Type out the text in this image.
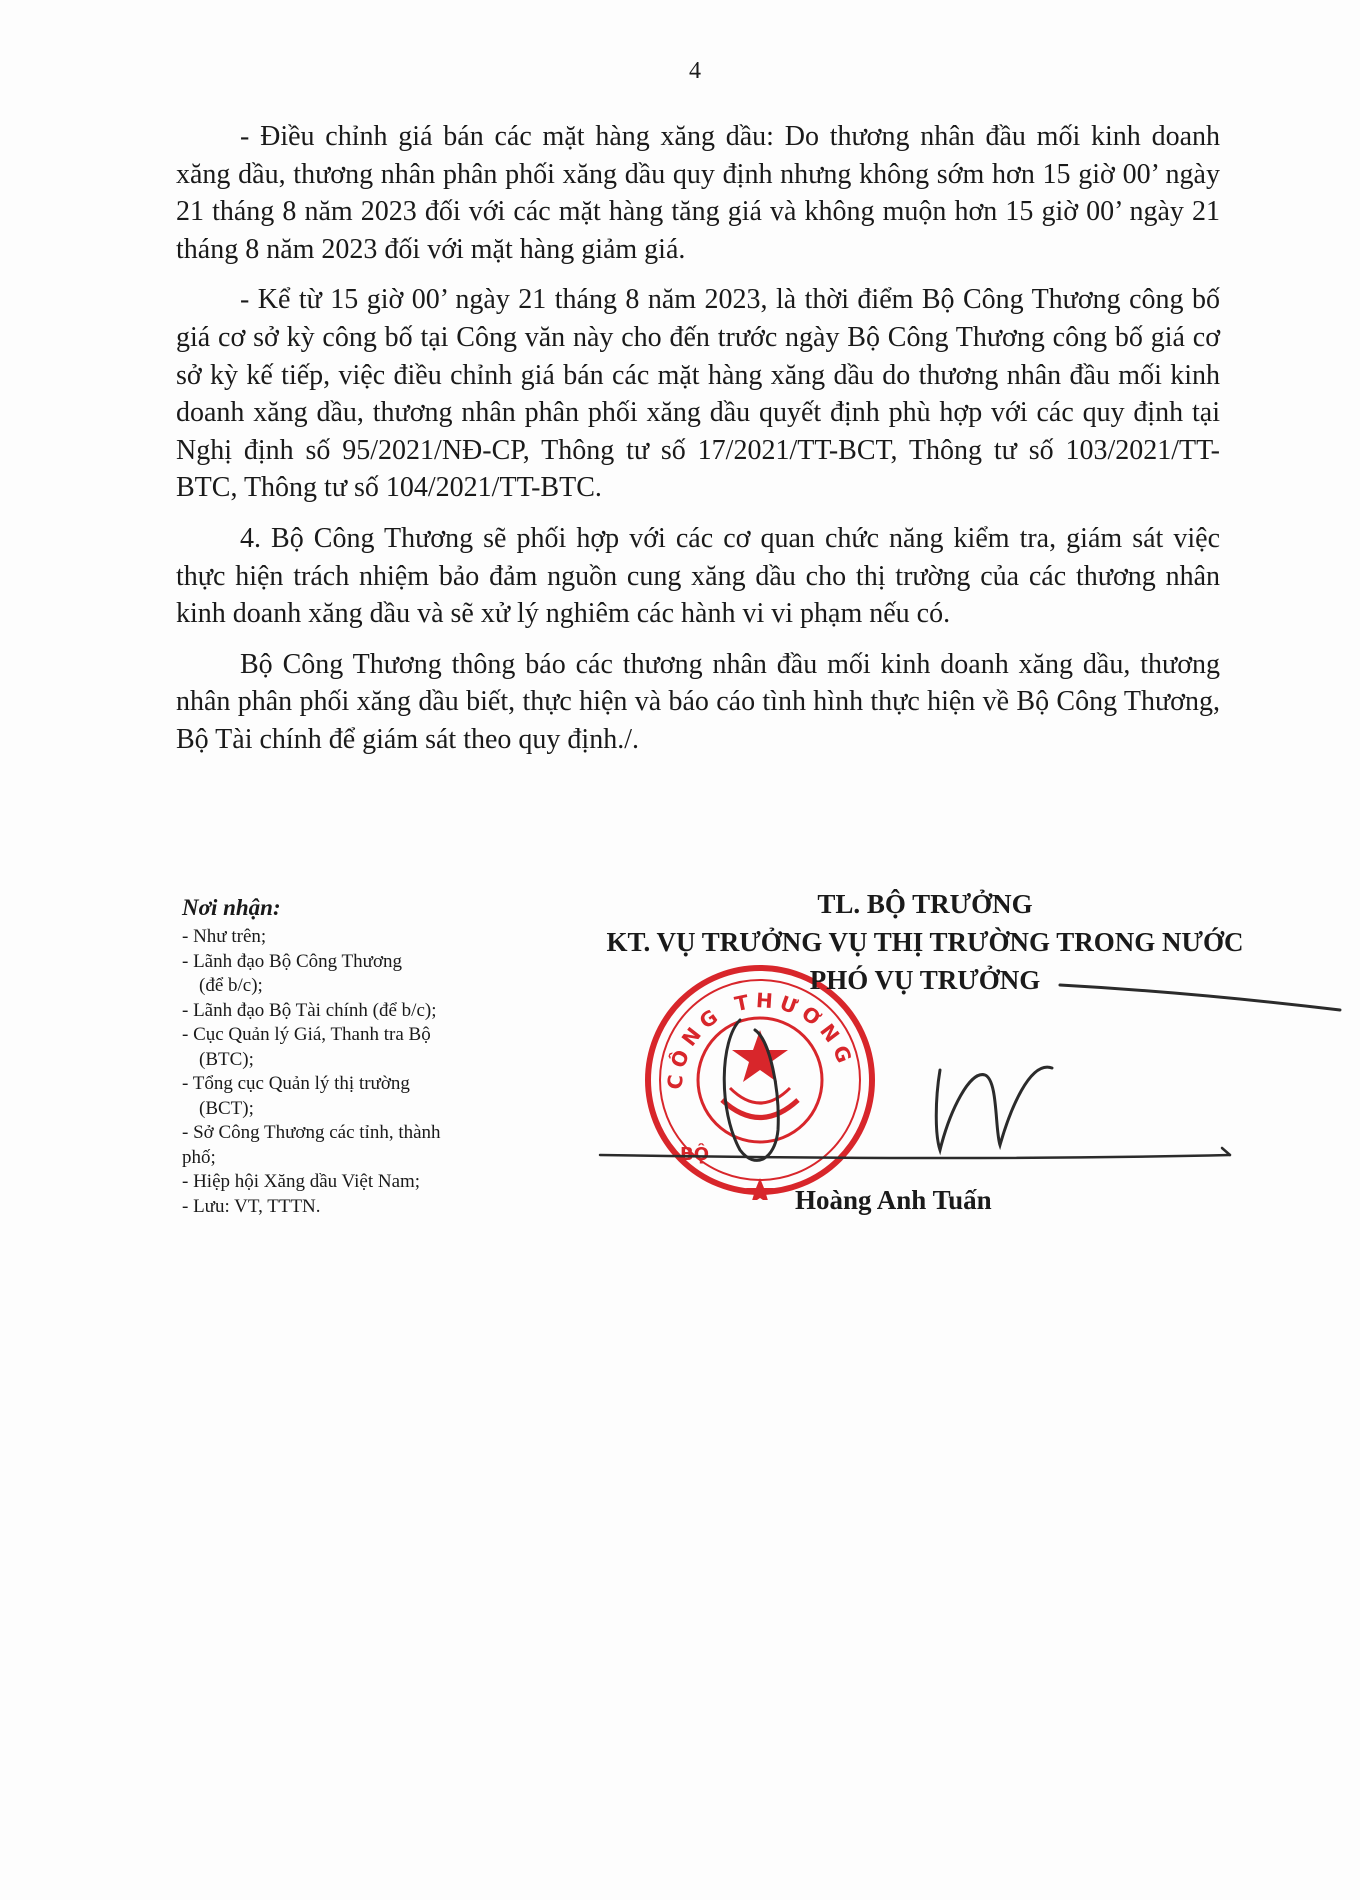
4

- Điều chỉnh giá bán các mặt hàng xăng dầu: Do thương nhân đầu mối kinh doanh xăng dầu, thương nhân phân phối xăng dầu quy định nhưng không sớm hơn 15 giờ 00’ ngày 21 tháng 8 năm 2023 đối với các mặt hàng tăng giá và không muộn hơn 15 giờ 00’ ngày 21 tháng 8 năm 2023 đối với mặt hàng giảm giá.

- Kể từ 15 giờ 00’ ngày 21 tháng 8 năm 2023, là thời điểm Bộ Công Thương công bố giá cơ sở kỳ công bố tại Công văn này cho đến trước ngày Bộ Công Thương công bố giá cơ sở kỳ kế tiếp, việc điều chỉnh giá bán các mặt hàng xăng dầu do thương nhân đầu mối kinh doanh xăng dầu, thương nhân phân phối xăng dầu quyết định phù hợp với các quy định tại Nghị định số 95/2021/NĐ-CP, Thông tư số 17/2021/TT-BCT, Thông tư số 103/2021/TT-BTC, Thông tư số 104/2021/TT-BTC.

4. Bộ Công Thương sẽ phối hợp với các cơ quan chức năng kiểm tra, giám sát việc thực hiện trách nhiệm bảo đảm nguồn cung xăng dầu cho thị trường của các thương nhân kinh doanh xăng dầu và sẽ xử lý nghiêm các hành vi vi phạm nếu có.

Bộ Công Thương thông báo các thương nhân đầu mối kinh doanh xăng dầu, thương nhân phân phối xăng dầu biết, thực hiện và báo cáo tình hình thực hiện về Bộ Công Thương, Bộ Tài chính để giám sát theo quy định./.

Nơi nhận:
- Như trên;
- Lãnh đạo Bộ Công Thương
(để b/c);
- Lãnh đạo Bộ Tài chính (để b/c);
- Cục Quản lý Giá, Thanh tra Bộ
(BTC);
- Tổng cục Quản lý thị trường
(BCT);
- Sở Công Thương các tỉnh, thành
phố;
- Hiệp hội Xăng dầu Việt Nam;
- Lưu: VT, TTTN.
CÔNG THƯƠNG
BỘ

TL. BỘ TRƯỞNG

KT. VỤ TRƯỞNG VỤ THỊ TRƯỜNG TRONG NƯỚC

PHÓ VỤ TRƯỞNG

Hoàng Anh Tuấn
